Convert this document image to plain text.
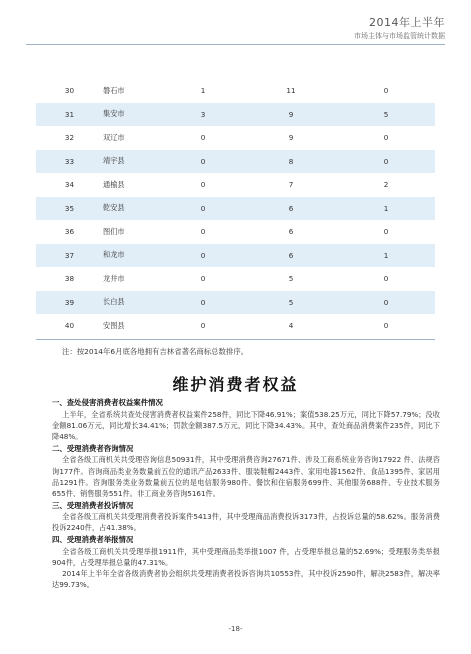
2014年上半年
市场主体与市场监管统计数据
30	磐石市	1	11	0
31	集安市	3	9	5
32	双辽市	0	9	0
33	靖宇县	0	8	0
34	通榆县	0	7	2
35	乾安县	0	6	1
36	图们市	0	6	0
37	和龙市	0	6	1
38	龙井市	0	5	0
39	长白县	0	5	0
40	安图县	0	4	0
注：按2014年6月底各地拥有吉林省著名商标总数排序。
维护消费者权益
一、查处侵害消费者权益案件情况

上半年，全省系统共查处侵害消费者权益案件258件，同比下降46.91%；案值538.25万元，同比下降57.79%；没收金额81.06万元，同比增长34.41%；罚款金额387.5万元，同比下降34.43%。其中，查处商品消费案件235件，同比下降48%。

二、受理消费者咨询情况

全省各级工商机关共受理咨询信息50931件，其中受理消费咨询27671件、涉及工商系统业务咨询17922 件、法规咨询177件。咨询商品类业务数量前五位的通讯产品2633件、服装鞋帽2443件、家用电器1562件、食品1395件、家居用品1291件。咨询服务类业务数量前五位的是电信服务980件、餐饮和住宿服务699件、其他服务688件、专业技术服务655件、销售服务551件。非工商业务咨询5161件。

三、受理消费者投诉情况

全省各级工商机关共受理消费者投诉案件5413件，其中受理商品消费投诉3173件，占投诉总量的58.62%。服务消费投诉2240件，占41.38%。

四、受理消费者举报情况

全省各级工商机关共受理举报1911件，其中受理商品类举报1007 件，占受理举报总量的52.69%；受理服务类举报904件，占受理举报总量的47.31%。

2014年上半年全省各级消费者协会组织共受理消费者投诉咨询共10553件，其中投诉2590件，解决2583件，解决率达99.73%。

-18-
